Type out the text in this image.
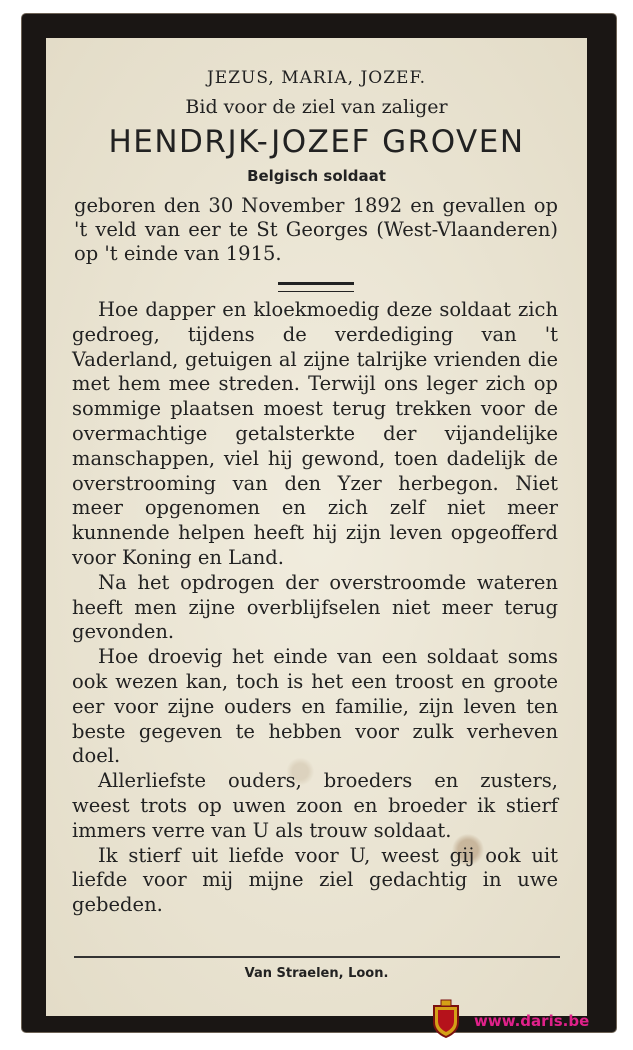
JEZUS, MARIA, JOZEF.
Bid voor de ziel van zaliger
HENDRJK-JOZEF GROVEN
Belgisch soldaat
geboren den 30 November 1892 en gevallen op 't veld van eer te St Georges (West-Vlaanderen) op 't einde van 1915.

Hoe dapper en kloekmoedig deze soldaat zich gedroeg, tijdens de verdediging van 't Vaderland, getuigen al zijne talrijke vrienden die met hem mee streden. Terwijl ons leger zich op sommige plaatsen moest terug trekken voor de overmachtige getalsterkte der vijandelijke manschappen, viel hij gewond, toen dadelijk de overstrooming van den Yzer herbegon. Niet meer opgenomen en zich zelf niet meer kunnende helpen heeft hij zijn leven opgeofferd voor Koning en Land.

Na het opdrogen der overstroomde wateren heeft men zijne overblijfselen niet meer terug gevonden.

Hoe droevig het einde van een soldaat soms ook wezen kan, toch is het een troost en groote eer voor zijne ouders en familie, zijn leven ten beste gegeven te hebben voor zulk verheven doel.

Allerliefste ouders, broeders en zusters, weest trots op uwen zoon en broeder ik stierf immers verre van U als trouw soldaat.

Ik stierf uit liefde voor U, weest gij ook uit liefde voor mij mijne ziel gedachtig in uwe gebeden.

Van Straelen, Loon.
www.daris.be
